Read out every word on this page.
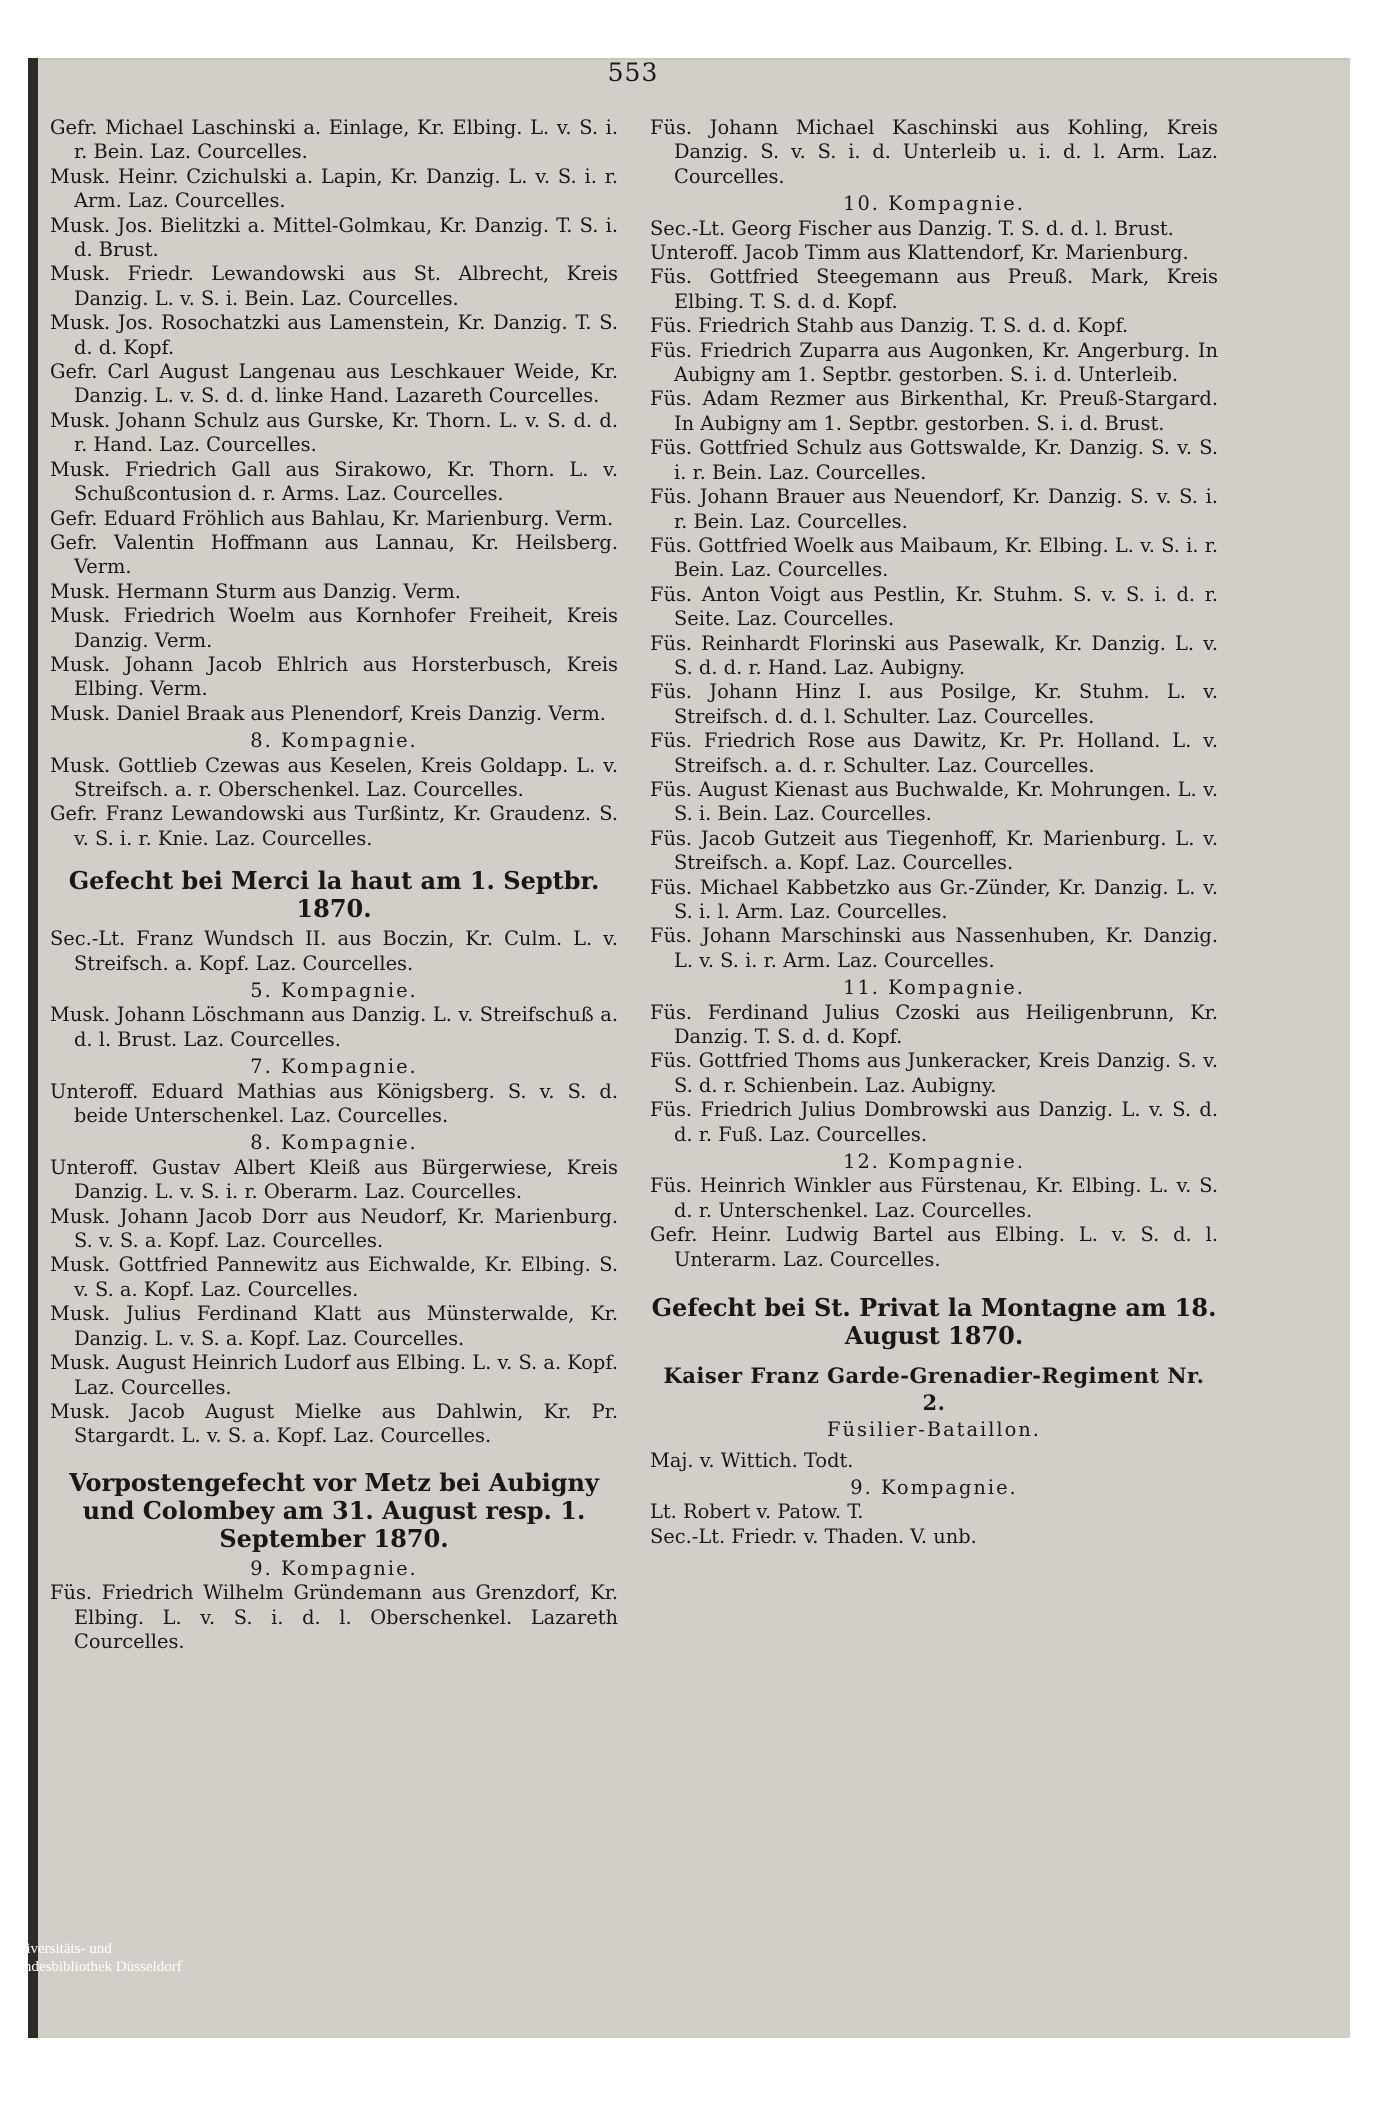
553

Gefr. Michael Laschinski a. Einlage, Kr. Elbing. L. v. S. i. r. Bein. Laz. Courcelles.

Musk. Heinr. Czichulski a. Lapin, Kr. Danzig. L. v. S. i. r. Arm. Laz. Courcelles.

Musk. Jos. Bielitzki a. Mittel-Golmkau, Kr. Danzig. T. S. i. d. Brust.

Musk. Friedr. Lewandowski aus St. Albrecht, Kreis Danzig. L. v. S. i. Bein. Laz. Courcelles.

Musk. Jos. Rosochatzki aus Lamenstein, Kr. Danzig. T. S. d. d. Kopf.

Gefr. Carl August Langenau aus Leschkauer Weide, Kr. Danzig. L. v. S. d. d. linke Hand. Lazareth Courcelles.

Musk. Johann Schulz aus Gurske, Kr. Thorn. L. v. S. d. d. r. Hand. Laz. Courcelles.

Musk. Friedrich Gall aus Sirakowo, Kr. Thorn. L. v. Schußcontusion d. r. Arms. Laz. Courcelles.

Gefr. Eduard Fröhlich aus Bahlau, Kr. Marienburg. Verm.

Gefr. Valentin Hoffmann aus Lannau, Kr. Heilsberg. Verm.

Musk. Hermann Sturm aus Danzig. Verm.

Musk. Friedrich Woelm aus Kornhofer Freiheit, Kreis Danzig. Verm.

Musk. Johann Jacob Ehlrich aus Horsterbusch, Kreis Elbing. Verm.

Musk. Daniel Braak aus Plenendorf, Kreis Danzig. Verm.

8. Kompagnie.

Musk. Gottlieb Czewas aus Keselen, Kreis Goldapp. L. v. Streifsch. a. r. Oberschenkel. Laz. Courcelles.

Gefr. Franz Lewandowski aus Turßintz, Kr. Graudenz. S. v. S. i. r. Knie. Laz. Courcelles.

Gefecht bei Merci la haut am 1. Septbr. 1870.

Sec.-Lt. Franz Wundsch II. aus Boczin, Kr. Culm. L. v. Streifsch. a. Kopf. Laz. Courcelles.

5. Kompagnie.

Musk. Johann Löschmann aus Danzig. L. v. Streifschuß a. d. l. Brust. Laz. Courcelles.

7. Kompagnie.

Unteroff. Eduard Mathias aus Königsberg. S. v. S. d. beide Unterschenkel. Laz. Courcelles.

8. Kompagnie.

Unteroff. Gustav Albert Kleiß aus Bürgerwiese, Kreis Danzig. L. v. S. i. r. Oberarm. Laz. Courcelles.

Musk. Johann Jacob Dorr aus Neudorf, Kr. Marienburg. S. v. S. a. Kopf. Laz. Courcelles.

Musk. Gottfried Pannewitz aus Eichwalde, Kr. Elbing. S. v. S. a. Kopf. Laz. Courcelles.

Musk. Julius Ferdinand Klatt aus Münsterwalde, Kr. Danzig. L. v. S. a. Kopf. Laz. Courcelles.

Musk. August Heinrich Ludorf aus Elbing. L. v. S. a. Kopf. Laz. Courcelles.

Musk. Jacob August Mielke aus Dahlwin, Kr. Pr. Stargardt. L. v. S. a. Kopf. Laz. Courcelles.

Vorpostengefecht vor Metz bei Aubigny und Colombey am 31. August resp. 1. September 1870.

9. Kompagnie.

Füs. Friedrich Wilhelm Gründemann aus Grenzdorf, Kr. Elbing. L. v. S. i. d. l. Oberschenkel. Lazareth Courcelles.

Füs. Johann Michael Kaschinski aus Kohling, Kreis Danzig. S. v. S. i. d. Unterleib u. i. d. l. Arm. Laz. Courcelles.

10. Kompagnie.

Sec.-Lt. Georg Fischer aus Danzig. T. S. d. d. l. Brust.

Unteroff. Jacob Timm aus Klattendorf, Kr. Marienburg.

Füs. Gottfried Steegemann aus Preuß. Mark, Kreis Elbing. T. S. d. d. Kopf.

Füs. Friedrich Stahb aus Danzig. T. S. d. d. Kopf.

Füs. Friedrich Zuparra aus Augonken, Kr. Angerburg. In Aubigny am 1. Septbr. gestorben. S. i. d. Unterleib.

Füs. Adam Rezmer aus Birkenthal, Kr. Preuß-Stargard. In Aubigny am 1. Septbr. gestorben. S. i. d. Brust.

Füs. Gottfried Schulz aus Gottswalde, Kr. Danzig. S. v. S. i. r. Bein. Laz. Courcelles.

Füs. Johann Brauer aus Neuendorf, Kr. Danzig. S. v. S. i. r. Bein. Laz. Courcelles.

Füs. Gottfried Woelk aus Maibaum, Kr. Elbing. L. v. S. i. r. Bein. Laz. Courcelles.

Füs. Anton Voigt aus Pestlin, Kr. Stuhm. S. v. S. i. d. r. Seite. Laz. Courcelles.

Füs. Reinhardt Florinski aus Pasewalk, Kr. Danzig. L. v. S. d. d. r. Hand. Laz. Aubigny.

Füs. Johann Hinz I. aus Posilge, Kr. Stuhm. L. v. Streifsch. d. d. l. Schulter. Laz. Courcelles.

Füs. Friedrich Rose aus Dawitz, Kr. Pr. Holland. L. v. Streifsch. a. d. r. Schulter. Laz. Courcelles.

Füs. August Kienast aus Buchwalde, Kr. Mohrungen. L. v. S. i. Bein. Laz. Courcelles.

Füs. Jacob Gutzeit aus Tiegenhoff, Kr. Marienburg. L. v. Streifsch. a. Kopf. Laz. Courcelles.

Füs. Michael Kabbetzko aus Gr.-Zünder, Kr. Danzig. L. v. S. i. l. Arm. Laz. Courcelles.

Füs. Johann Marschinski aus Nassenhuben, Kr. Danzig. L. v. S. i. r. Arm. Laz. Courcelles.

11. Kompagnie.

Füs. Ferdinand Julius Czoski aus Heiligenbrunn, Kr. Danzig. T. S. d. d. Kopf.

Füs. Gottfried Thoms aus Junkeracker, Kreis Danzig. S. v. S. d. r. Schienbein. Laz. Aubigny.

Füs. Friedrich Julius Dombrowski aus Danzig. L. v. S. d. d. r. Fuß. Laz. Courcelles.

12. Kompagnie.

Füs. Heinrich Winkler aus Fürstenau, Kr. Elbing. L. v. S. d. r. Unterschenkel. Laz. Courcelles.

Gefr. Heinr. Ludwig Bartel aus Elbing. L. v. S. d. l. Unterarm. Laz. Courcelles.

Gefecht bei St. Privat la Montagne am 18. August 1870.
Kaiser Franz Garde-Grenadier-Regiment Nr. 2.

Füsilier-Bataillon.

Maj. v. Wittich. Todt.

9. Kompagnie.

Lt. Robert v. Patow. T.

Sec.-Lt. Friedr. v. Thaden. V. unb.

Universitäts- und
Landesbibliothek Düsseldorf
